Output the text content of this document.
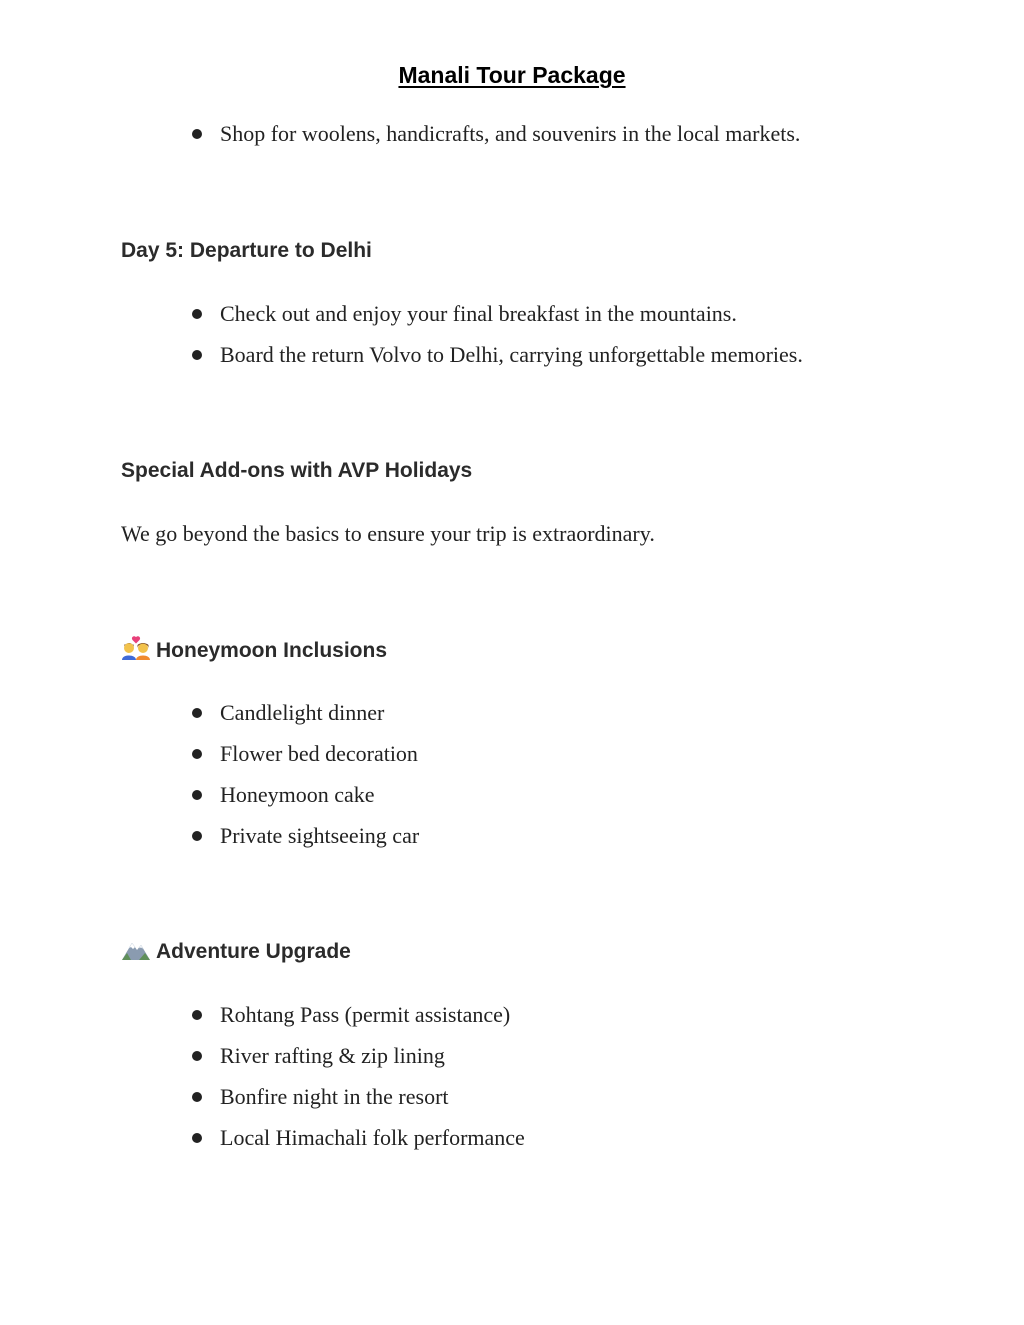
Manali Tour Package
Shop for woolens, handicrafts, and souvenirs in the local markets.
Day 5: Departure to Delhi
Check out and enjoy your final breakfast in the mountains.
Board the return Volvo to Delhi, carrying unforgettable memories.
Special Add-ons with AVP Holidays
We go beyond the basics to ensure your trip is extraordinary.
Honeymoon Inclusions
Candlelight dinner
Flower bed decoration
Honeymoon cake
Private sightseeing car
Adventure Upgrade
Rohtang Pass (permit assistance)
River rafting & zip lining
Bonfire night in the resort
Local Himachali folk performance
